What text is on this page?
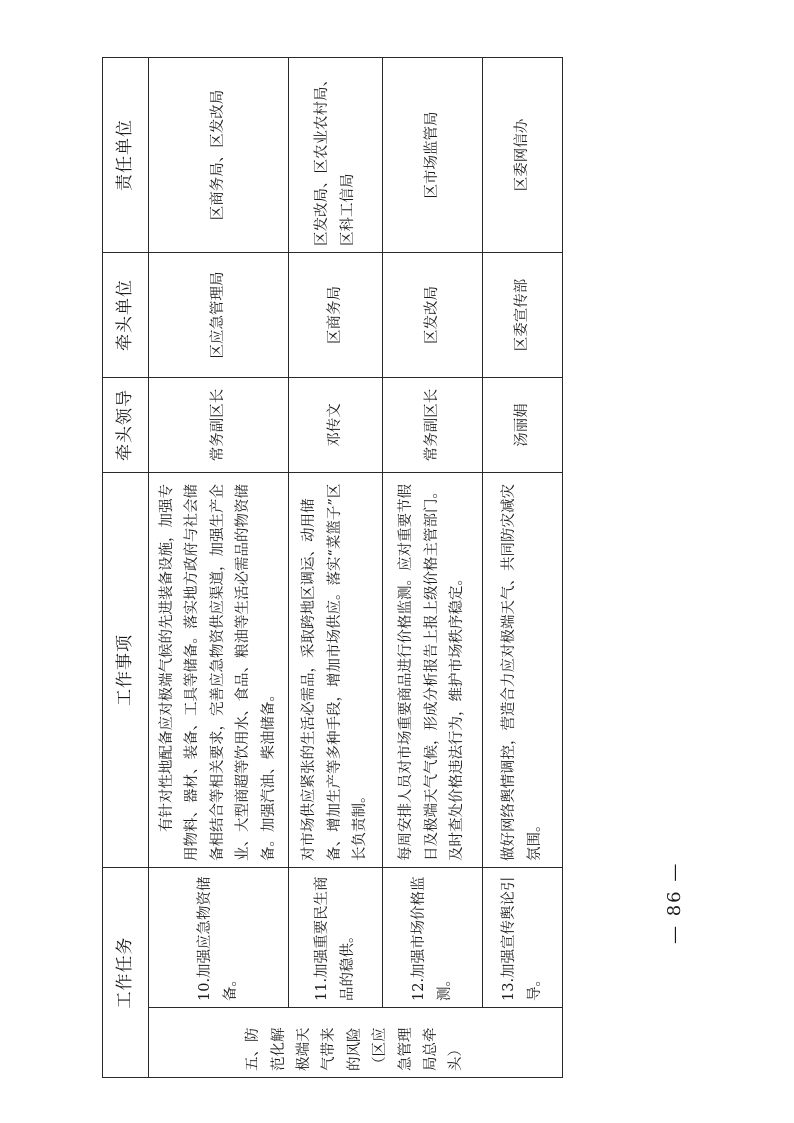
工作任务		工作事项	牵头领导	牵头单位	责任单位
五、防范化解极端天气带来的风险（区应急管理局总牵头）	10.加强应急物资储备。	有针对性地配备应对极端气候的先进装备设施，加强专用物料、器材、装备、工具等储备。落实地方政府与社会储备相结合等相关要求，完善应急物资供应渠道，加强生产企业、大型商超等饮用水、食品、粮油等生活必需品的物资储备。加强汽油、柴油储备。	常务副区长	区应急管理局	区商务局、区发改局
	11.加强重要民生商品的稳供。	对市场供应紧张的生活必需品，采取跨地区调运、动用储备、增加生产等多种手段，增加市场供应。落实“菜篮子”区长负责制。	邓传文	区商务局	区发改局、区农业农村局、区科工信局
	12.加强市场价格监测。	每周安排人员对市场重要商品进行价格监测。应对重要节假日及极端天气气候，形成分析报告上报上级价格主管部门。及时查处价格违法行为，维护市场秩序稳定。	常务副区长	区发改局	区市场监管局
	13.加强宣传舆论引导。	做好网络舆情调控，营造合力应对极端天气、共同防灾减灾氛围。	汤丽娟	区委宣传部	区委网信办
— 86 —
